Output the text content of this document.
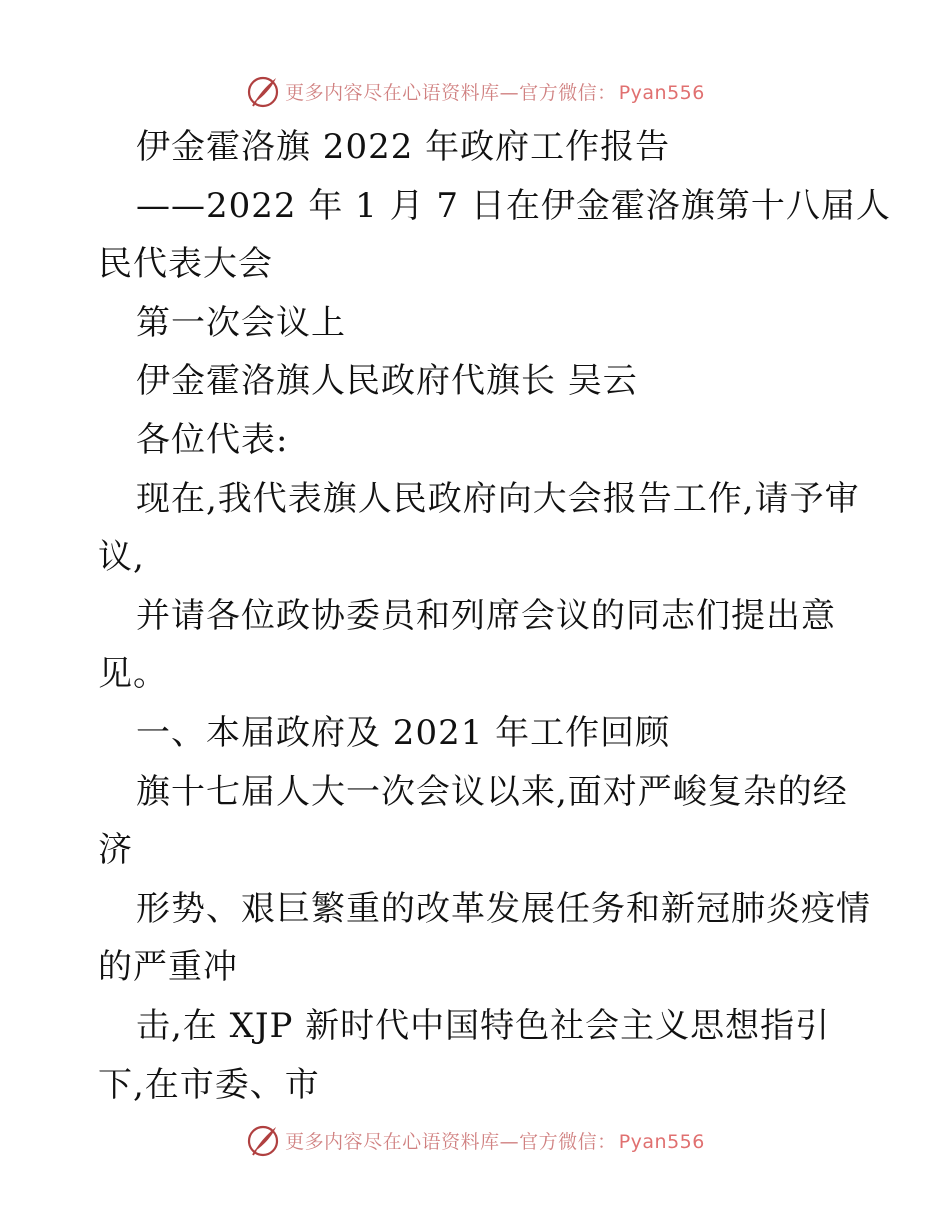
更多内容尽在心语资料库—官方微信： Pyan556
伊金霍洛旗 2022 年政府工作报告
——2022 年 1 月 7 日在伊金霍洛旗第十八届人
民代表大会
第一次会议上
伊金霍洛旗人民政府代旗长 吴云
各位代表:
现在,我代表旗人民政府向大会报告工作,请予审
议,
并请各位政协委员和列席会议的同志们提出意
见。
一、本届政府及 2021 年工作回顾
旗十七届人大一次会议以来,面对严峻复杂的经
济
形势、艰巨繁重的改革发展任务和新冠肺炎疫情
的严重冲
击,在 XJP 新时代中国特色社会主义思想指引
下,在市委、市
更多内容尽在心语资料库—官方微信： Pyan556
